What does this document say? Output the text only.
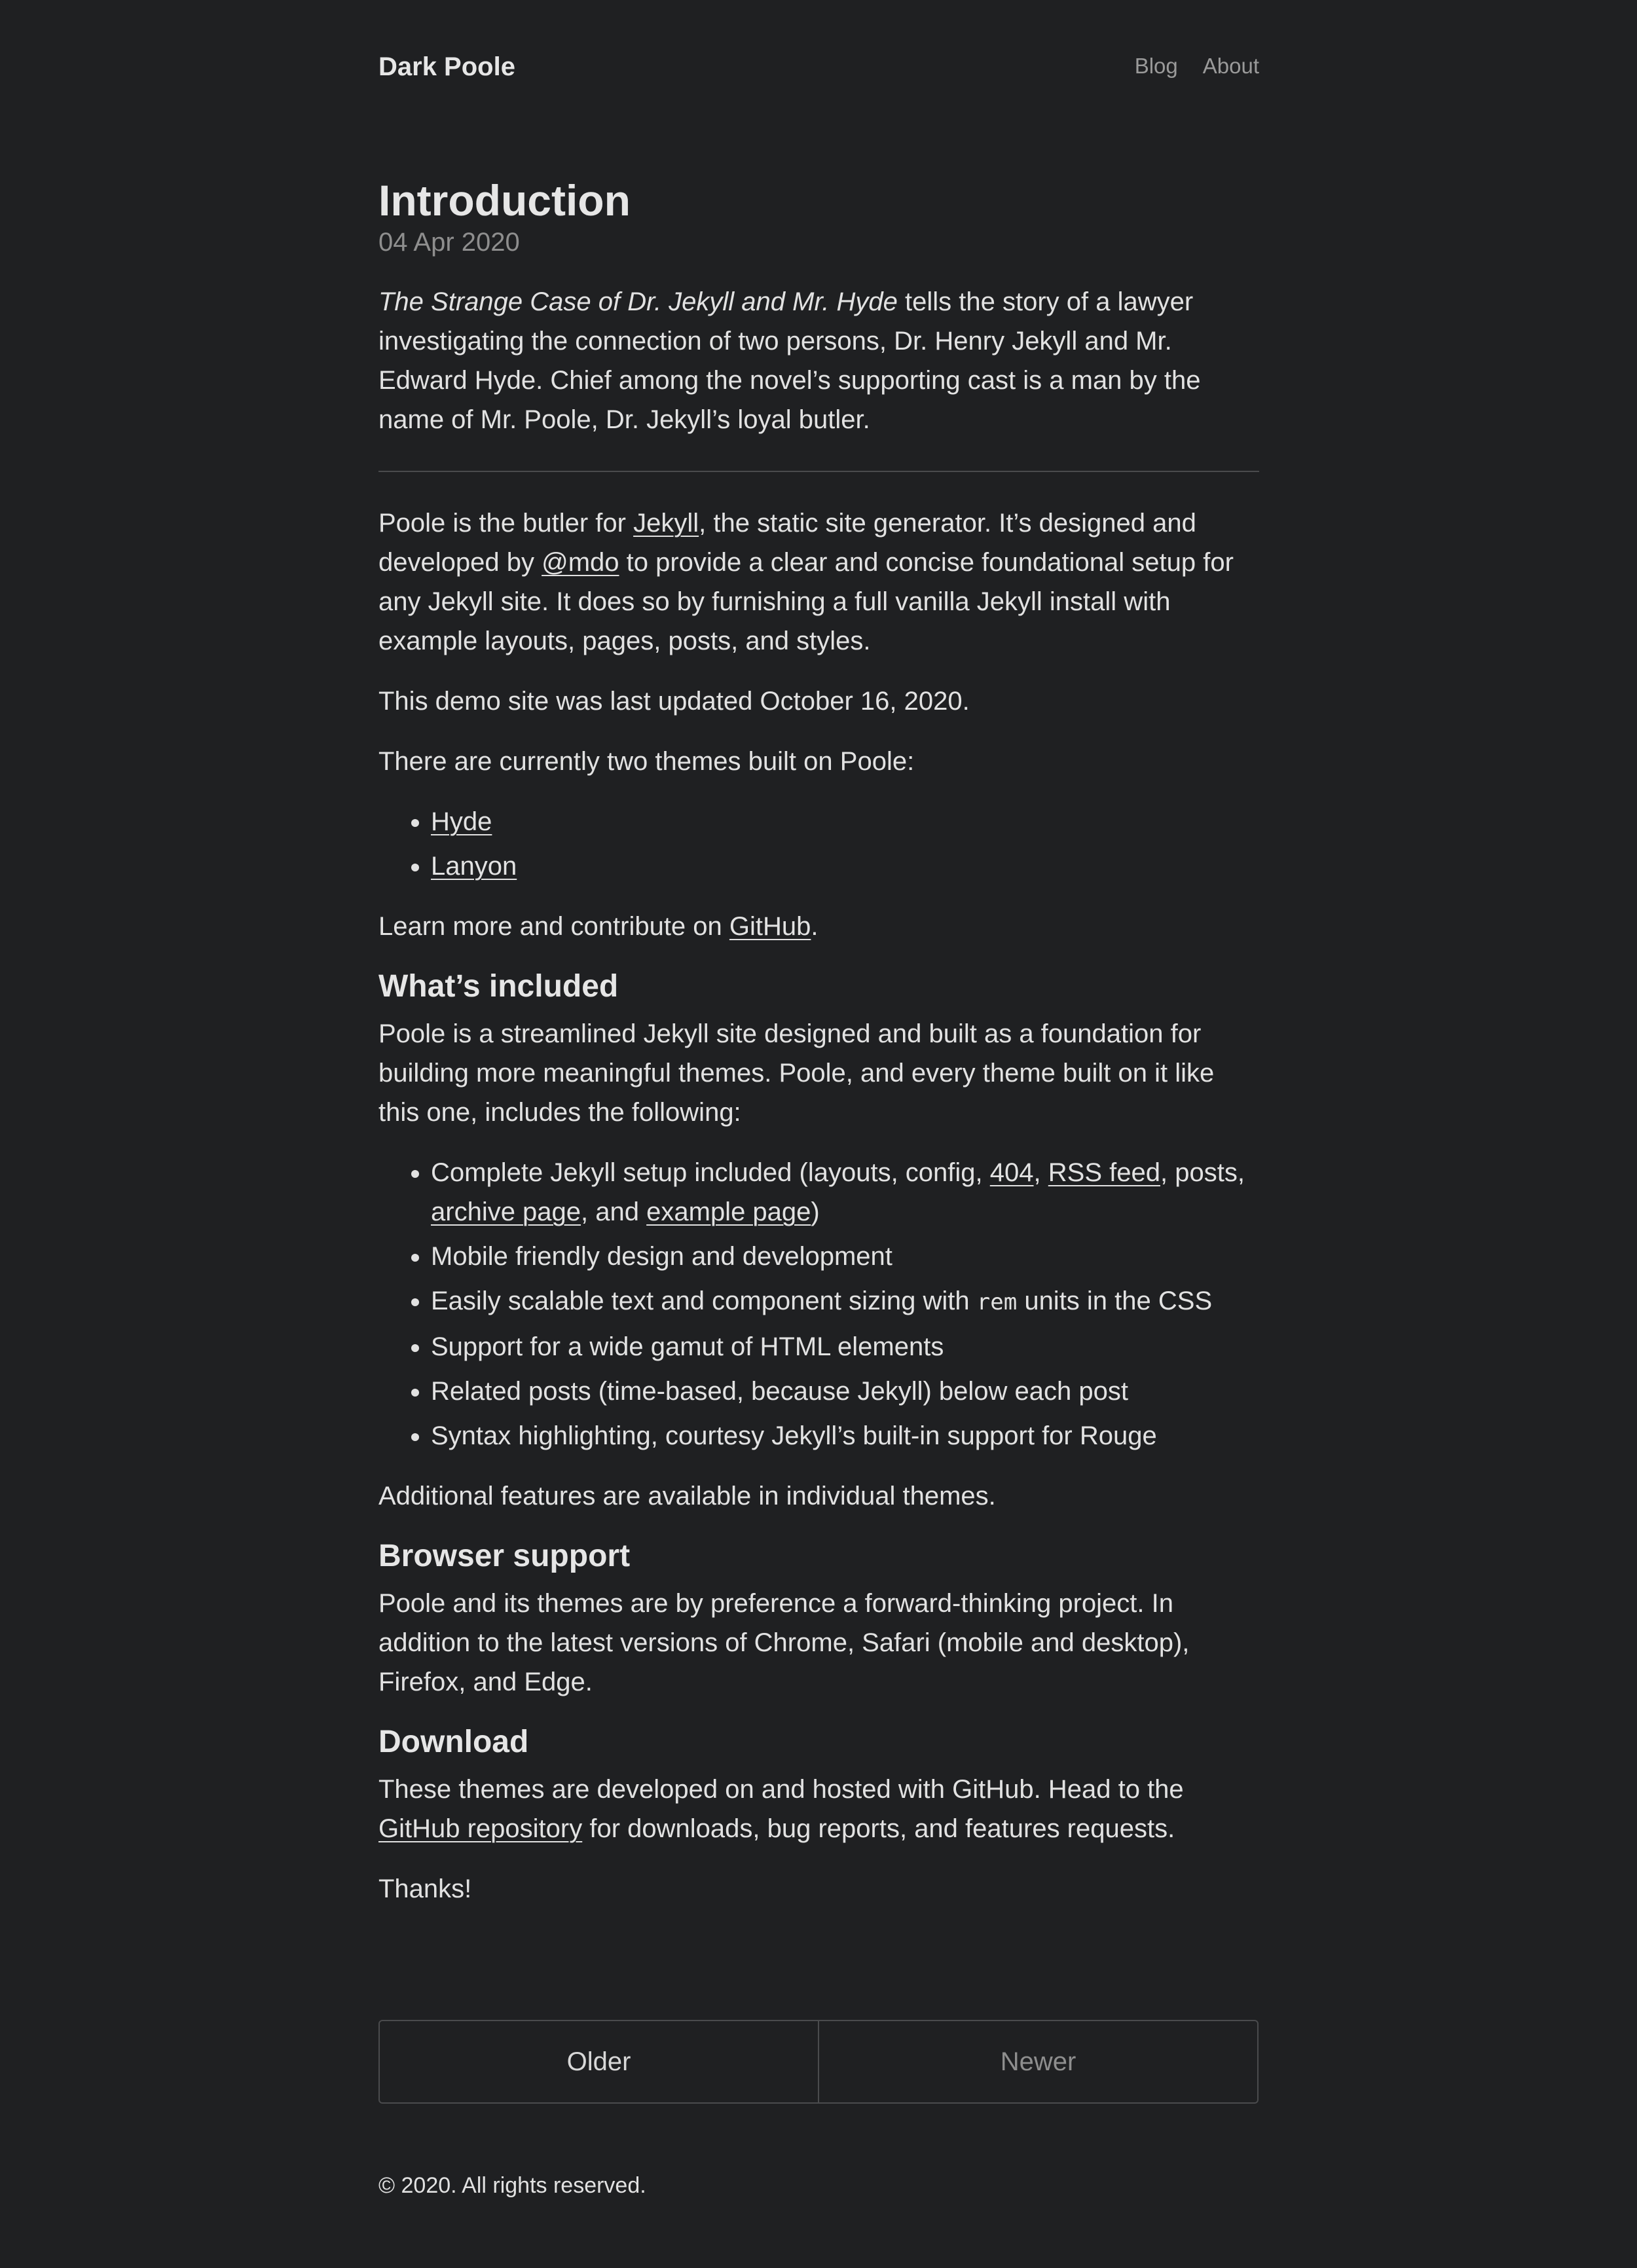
Dark Poole	Blog About
Introduction
04 Apr 2020

The Strange Case of Dr. Jekyll and Mr. Hyde tells the story of a lawyer investigating the connection of two persons, Dr. Henry Jekyll and Mr. Edward Hyde. Chief among the novel’s supporting cast is a man by the name of Mr. Poole, Dr. Jekyll’s loyal butler.

Poole is the butler for Jekyll, the static site generator. It’s designed and developed by @mdo to provide a clear and concise foundational setup for any Jekyll site. It does so by furnishing a full vanilla Jekyll install with example layouts, pages, posts, and styles.

This demo site was last updated October 16, 2020.

There are currently two themes built on Poole:

• Hyde
• Lanyon

Learn more and contribute on GitHub.

What’s included

Poole is a streamlined Jekyll site designed and built as a foundation for building more meaningful themes. Poole, and every theme built on it like this one, includes the following:

• Complete Jekyll setup included (layouts, config, 404, RSS feed, posts, archive page, and example page)
• Mobile friendly design and development
• Easily scalable text and component sizing with rem units in the CSS
• Support for a wide gamut of HTML elements
• Related posts (time-based, because Jekyll) below each post
• Syntax highlighting, courtesy Jekyll’s built-in support for Rouge

Additional features are available in individual themes.

Browser support

Poole and its themes are by preference a forward-thinking project. In addition to the latest versions of Chrome, Safari (mobile and desktop), Firefox, and Edge.

Download

These themes are developed on and hosted with GitHub. Head to the GitHub repository for downloads, bug reports, and features requests.

Thanks!

Older	Newer
© 2020. All rights reserved.
